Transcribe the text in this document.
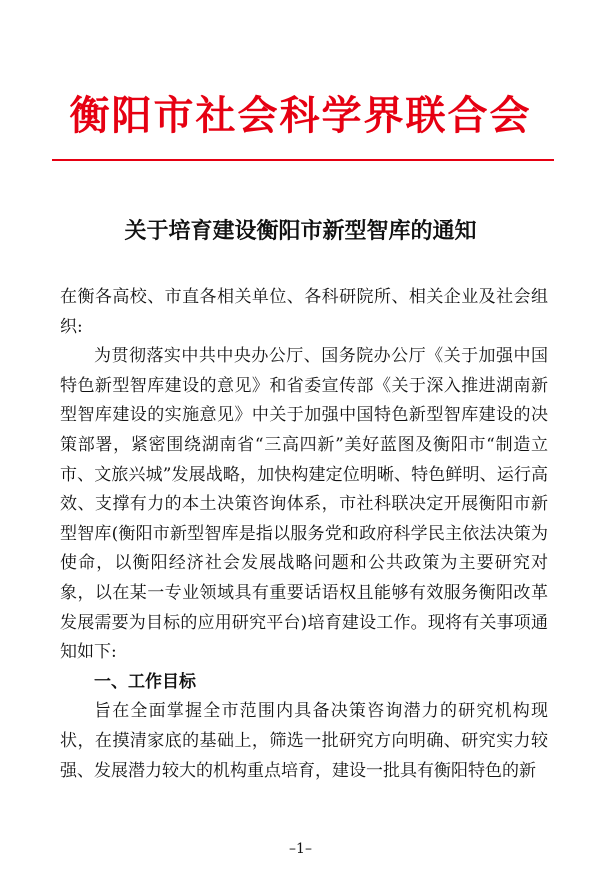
衡阳市社会科学界联合会
关于培育建设衡阳市新型智库的通知

在衡各高校、市直各相关单位、各科研院所、相关企业及社会组织:

为贯彻落实中共中央办公厅、国务院办公厅《关于加强中国特色新型智库建设的意见》和省委宣传部《关于深入推进湖南新型智库建设的实施意见》中关于加强中国特色新型智库建设的决策部署，紧密围绕湖南省“三高四新”美好蓝图及衡阳市“制造立市、文旅兴城”发展战略，加快构建定位明晰、特色鲜明、运行高效、支撑有力的本土决策咨询体系，市社科联决定开展衡阳市新型智库(衡阳市新型智库是指以服务党和政府科学民主依法决策为使命，以衡阳经济社会发展战略问题和公共政策为主要研究对象，以在某一专业领域具有重要话语权且能够有效服务衡阳改革发展需要为目标的应用研究平台)培育建设工作。现将有关事项通知如下:

一、工作目标

旨在全面掌握全市范围内具备决策咨询潜力的研究机构现状，在摸清家底的基础上，筛选一批研究方向明确、研究实力较强、发展潜力较大的机构重点培育，建设一批具有衡阳特色的新

–1–
